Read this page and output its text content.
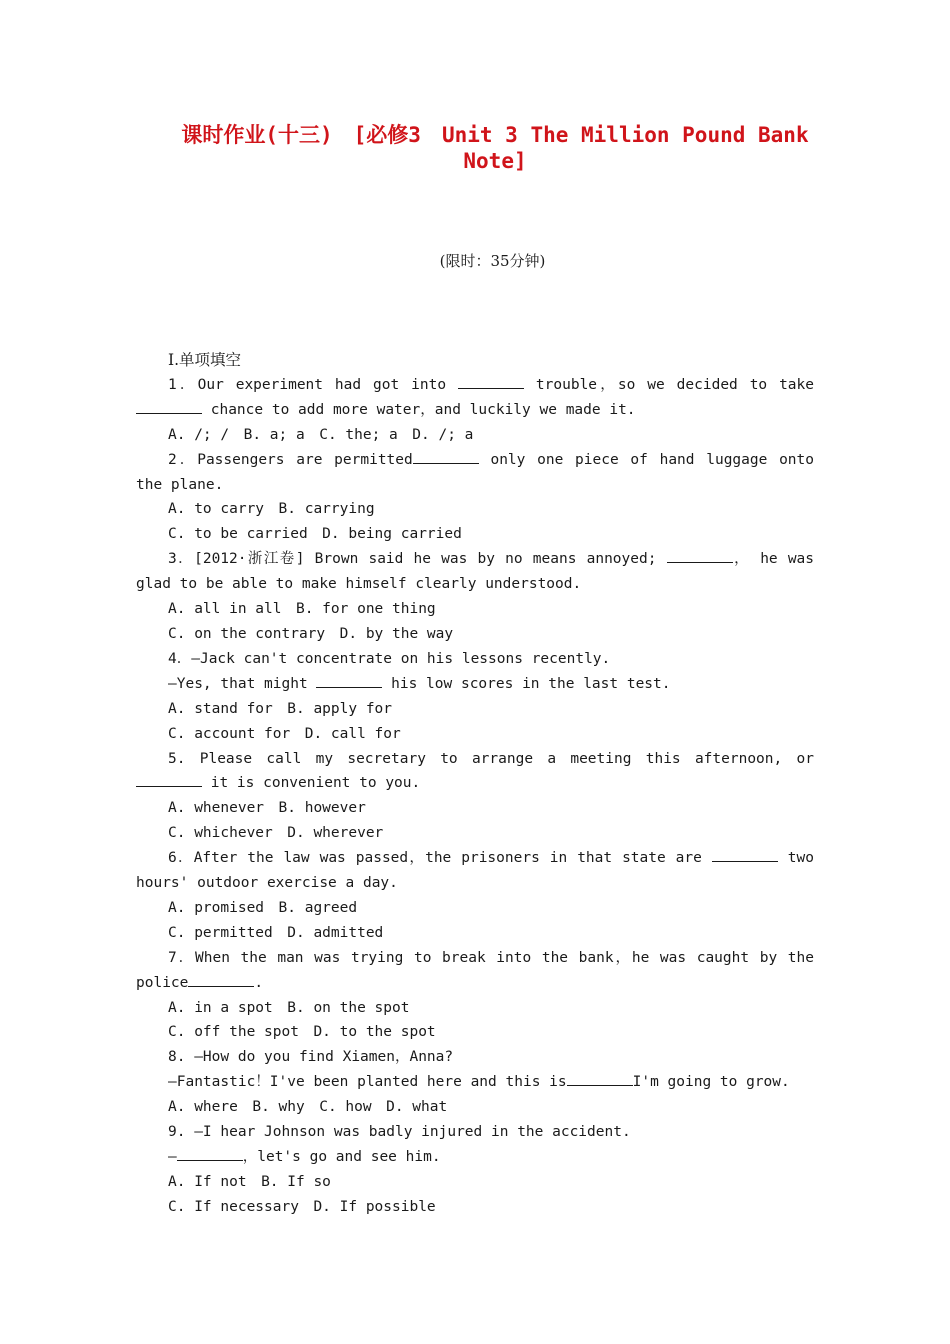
课时作业(十三)　[必修3　Unit 3 The Million Pound Bank
Note]
(限时：35分钟)
Ⅰ.单项填空

1．Our experiment had got into	trouble，so we decided to take  chance to add more water，and luckily we made it.

A. /; /　B. a; a　C. the; a　D. /; a

2．Passengers are permitted	only one piece of hand luggage onto the plane.

A. to carry　B. carrying

C. to be carried　D. being carried

3．[2012·浙江卷] Brown said he was by no means annoyed;	， he was glad to be able to make himself clearly understood.

A. all in all　B. for one thing

C. on the contrary　D. by the way

4．—Jack can't concentrate on his lessons recently.

—Yes, that might	his low scores in the last test.

A. stand for　B. apply for

C. account for　D. call for

5. Please call my secretary to arrange a meeting this afternoon, or  it is convenient to you.

A. whenever　B. however

C. whichever　D. wherever

6．After the law was passed，the prisoners in that state are	two hours' outdoor exercise a day.

A. promised　B. agreed

C. permitted　D. admitted

7．When the man was trying to break into the bank，he was caught by the police	.

A. in a spot　B. on the spot

C. off the spot　D. to the spot

8. —How do you find Xiamen，Anna?

—Fantastic！I've been planted here and this is	I'm going to grow.

A. where　B. why　C. how　D. what

9. —I hear Johnson was badly injured in the accident.

—	，let's go and see him.

A. If not　B. If so

C. If necessary　D. If possible
